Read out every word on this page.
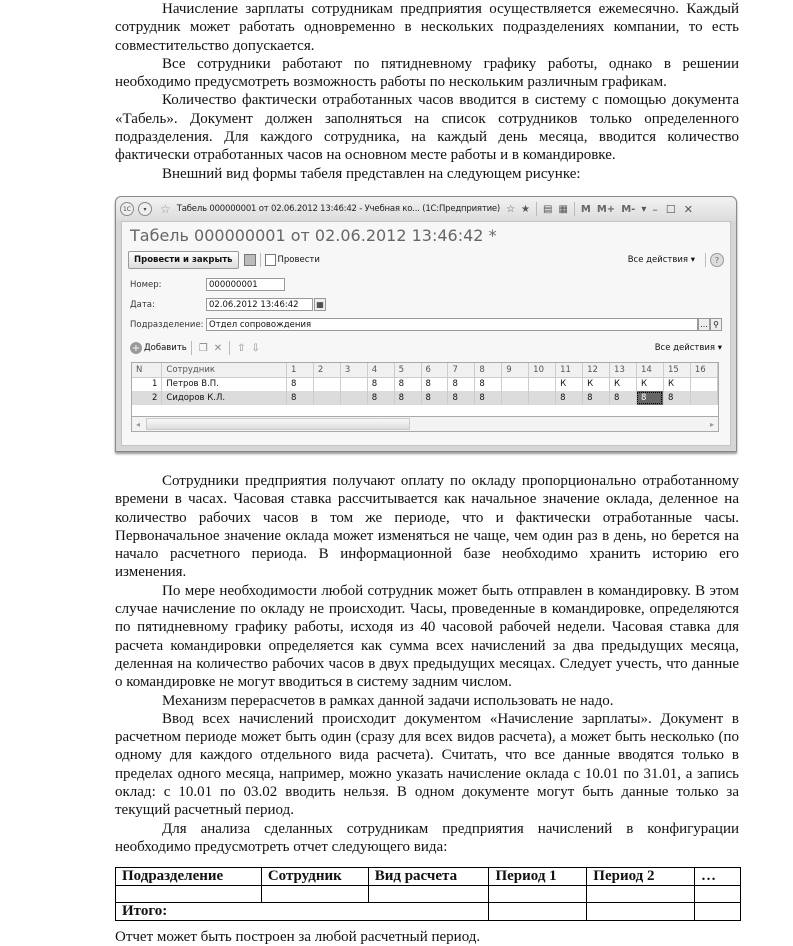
Начисление зарплаты сотрудникам предприятия осуществляется ежемесячно. Каждый сотрудник может работать одновременно в нескольких подразделениях компании, то есть совместительство допускается.

Все сотрудники работают по пятидневному графику работы, однако в решении необходимо предусмотреть возможность работы по нескольким различным графикам.

Количество фактически отработанных часов вводится в систему с помощью документа «Табель». Документ должен заполняться на список сотрудников только определенного подразделения. Для каждого сотрудника, на каждый день месяца, вводится количество фактически отработанных часов на основном месте работы и в командировке.

Внешний вид формы табеля представлен на следующем рисунке:

1С	▾	☆ Табель 000000001 от 02.06.2012 13:46:42 - Учебная ко... (1С:Предприятие) ☆ ★ ▤ ▦ M M+ M- ▾ – ☐ ✕
Табель 000000001 от 02.06.2012 13:46:42 *
Провести и закрыть	Провести	Все действия ▾	?
Номер:	000000001
Дата:	02.06.2012 13:46:42	▦
Подразделение: Отдел сопровождения	… ⚲
+ Добавить ❐ ✕ ⇧ ⇩	Все действия ▾
N	Сотрудник	1	2	3	4	5	6	7	8	9	10	11	12	13	14	15	16
1	Петров В.П.	8			8	8	8	8	8			К	К	К	К	К	
2	Сидоров К.Л.	8			8	8	8	8	8			8	8	8	8	8	
◂	▸

Сотрудники предприятия получают оплату по окладу пропорционально отработанному времени в часах. Часовая ставка рассчитывается как начальное значение оклада, деленное на количество рабочих часов в том же периоде, что и фактически отработанные часы. Первоначальное значение оклада может изменяться не чаще, чем один раз в день, но берется на начало расчетного периода. В информационной базе необходимо хранить историю его изменения.

По мере необходимости любой сотрудник может быть отправлен в командировку. В этом случае начисление по окладу не происходит. Часы, проведенные в командировке, определяются по пятидневному графику работы, исходя из 40 часовой рабочей недели. Часовая ставка для расчета командировки определяется как сумма всех начислений за два предыдущих месяца, деленная на количество рабочих часов в двух предыдущих месяцах. Следует учесть, что данные о командировке не могут вводиться в систему задним числом.

Механизм перерасчетов в рамках данной задачи использовать не надо.

Ввод всех начислений происходит документом «Начисление зарплаты». Документ в расчетном периоде может быть один (сразу для всех видов расчета), а может быть несколько (по одному для каждого отдельного вида расчета). Считать, что все данные вводятся только в пределах одного месяца, например, можно указать начисление оклада с 10.01 по 31.01, а запись оклад: с 10.01 по 03.02 вводить нельзя. В одном документе могут быть данные только за текущий расчетный период.

Для анализа сделанных сотрудникам предприятия начислений в конфигурации необходимо предусмотреть отчет следующего вида:

Подразделение	Сотрудник	Вид расчета	Период 1	Период 2	…

Итого:					

Отчет может быть построен за любой расчетный период.
